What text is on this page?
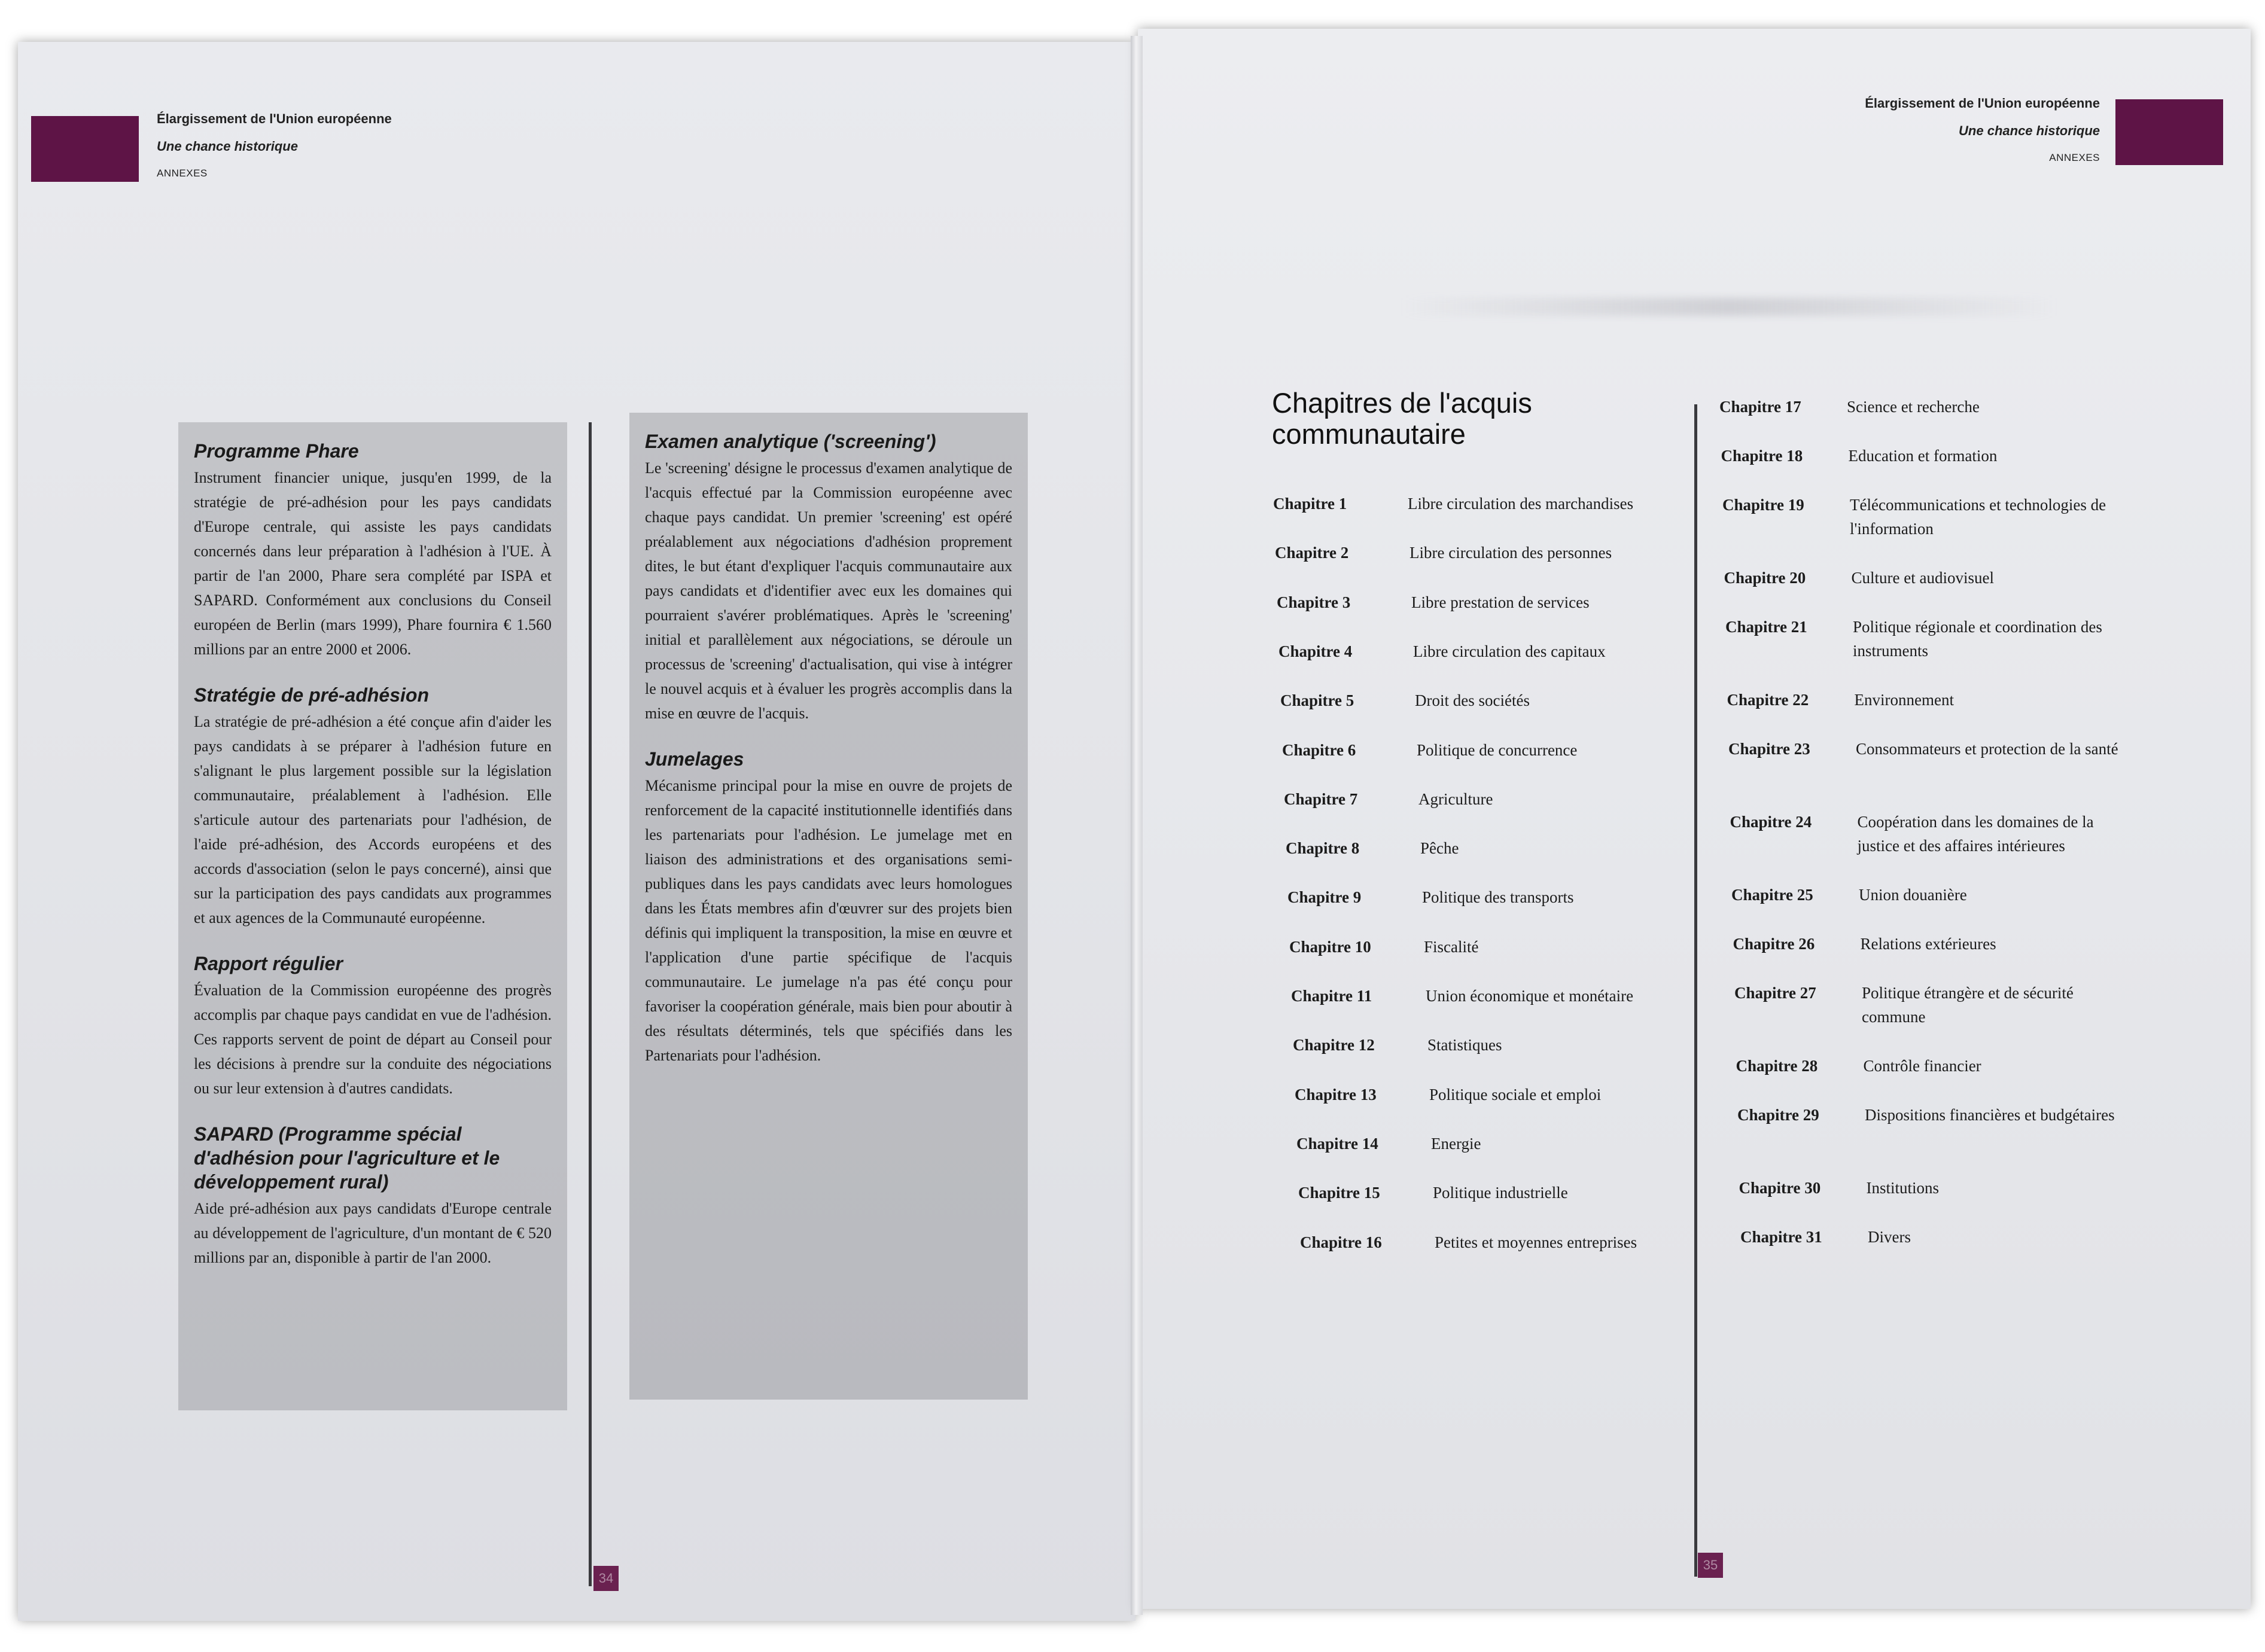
Élargissement de l'Union européenne
Une chance historique
ANNEXES
Élargissement de l'Union européenne
Une chance historique
ANNEXES
Programme Phare

Instrument financier unique, jusqu'en 1999, de la stratégie de pré-adhésion pour les pays candidats d'Europe centrale, qui assiste les pays candidats concernés dans leur préparation à l'adhésion à l'UE. À partir de l'an 2000, Phare sera complété par ISPA et SAPARD. Conformément aux conclusions du Conseil européen de Berlin (mars 1999), Phare fournira € 1.560 millions par an entre 2000 et 2006.

Stratégie de pré-adhésion

La stratégie de pré-adhésion a été conçue afin d'aider les pays candidats à se préparer à l'adhésion future en s'alignant le plus largement possible sur la législation communautaire, préalablement à l'adhésion. Elle s'articule autour des partenariats pour l'adhésion, de l'aide pré-adhésion, des Accords européens et des accords d'association (selon le pays concerné), ainsi que sur la participation des pays candidats aux programmes et aux agences de la Communauté européenne.

Rapport régulier

Évaluation de la Commission européenne des progrès accomplis par chaque pays candidat en vue de l'adhésion. Ces rapports servent de point de départ au Conseil pour les décisions à prendre sur la conduite des négociations ou sur leur extension à d'autres candidats.

SAPARD (Programme spécial d'adhésion pour l'agriculture et le développement rural)

Aide pré-adhésion aux pays candidats d'Europe centrale au développement de l'agriculture, d'un montant de € 520 millions par an, disponible à partir de l'an 2000.

Examen analytique ('screening')

Le 'screening' désigne le processus d'examen analytique de l'acquis effectué par la Commission européenne avec chaque pays candidat. Un premier 'screening' est opéré préalablement aux négociations d'adhésion proprement dites, le but étant d'expliquer l'acquis communautaire aux pays candidats et d'identifier avec eux les domaines qui pourraient s'avérer problématiques. Après le 'screening' initial et parallèlement aux négociations, se déroule un processus de 'screening' d'actualisation, qui vise à intégrer le nouvel acquis et à évaluer les progrès accomplis dans la mise en œuvre de l'acquis.

Jumelages

Mécanisme principal pour la mise en ouvre de projets de renforcement de la capacité institutionnelle identifiés dans les partenariats pour l'adhésion. Le jumelage met en liaison des administrations et des organisations semi-publiques dans les pays candidats avec leurs homologues dans les États membres afin d'œuvrer sur des projets bien définis qui impliquent la transposition, la mise en œuvre et l'application d'une partie spécifique de l'acquis communautaire. Le jumelage n'a pas été conçu pour favoriser la coopération générale, mais bien pour aboutir à des résultats déterminés, tels que spécifiés dans les Partenariats pour l'adhésion.

34
Chapitres de l'acquis communautaire
Chapitre 1	Libre circulation des marchandises
Chapitre 2	Libre circulation des personnes
Chapitre 3	Libre prestation de services
Chapitre 4	Libre circulation des capitaux
Chapitre 5	Droit des sociétés
Chapitre 6	Politique de concurrence
Chapitre 7	Agriculture
Chapitre 8	Pêche
Chapitre 9	Politique des transports
Chapitre 10	Fiscalité
Chapitre 11	Union économique et monétaire
Chapitre 12	Statistiques
Chapitre 13	Politique sociale et emploi
Chapitre 14	Energie
Chapitre 15	Politique industrielle
Chapitre 16	Petites et moyennes entreprises
Chapitre 17	Science et recherche
Chapitre 18	Education et formation
Chapitre 19	Télécommunications et technologies de l'information
Chapitre 20	Culture et audiovisuel
Chapitre 21	Politique régionale et coordination des instruments
Chapitre 22	Environnement
Chapitre 23	Consommateurs et protection de la santé
Chapitre 24	Coopération dans les domaines de la justice et des affaires intérieures
Chapitre 25	Union douanière
Chapitre 26	Relations extérieures
Chapitre 27	Politique étrangère et de sécurité commune
Chapitre 28	Contrôle financier
Chapitre 29	Dispositions financières et budgétaires
Chapitre 30	Institutions
Chapitre 31	Divers
35
